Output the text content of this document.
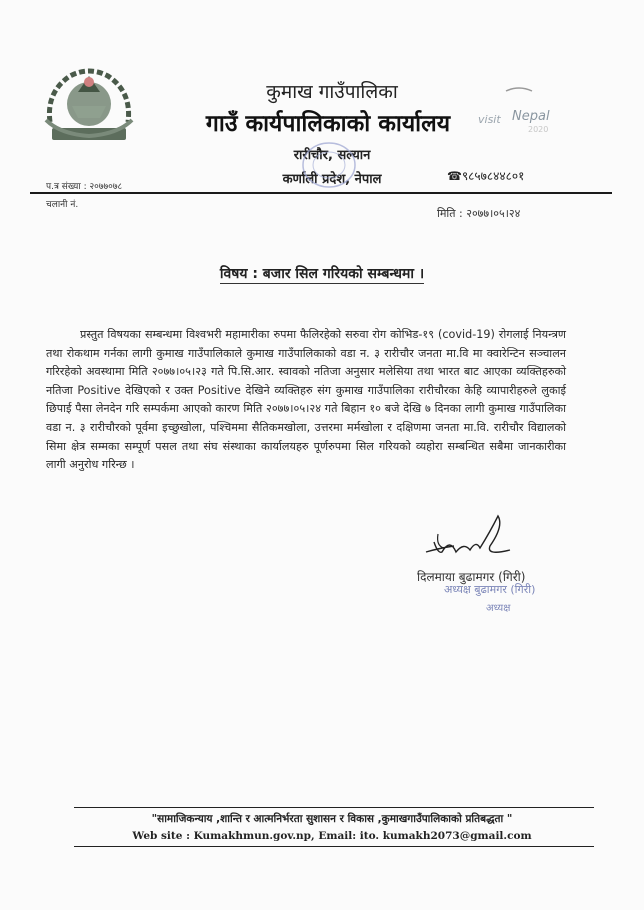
कुमाख गाउँपालिका
गाउँ कार्यपालिकाको कार्यालय
रारीचौर, सल्यान
कर्णाली प्रदेश, नेपाल
visit Nepal
2020
प.त्र संख्या : २०७७०७८
☎९८५७८४४८०१
चलानी नं.
मिति : २०७७।०५।२४
विषय : बजार सिल गरियको सम्बन्धमा ।

प्रस्तुत विषयका सम्बन्धमा विश्वभरी महामारीका रुपमा फैलिरहेको सरुवा रोग कोभिड-१९ (covid-19) रोगलाई नियन्त्रण तथा रोकथाम गर्नका लागी कुमाख गाउँपालिकाले कुमाख गाउँपालिकाको वडा न. ३ रारीचौर जनता मा.वि मा क्वारेन्टिन सञ्चालन गरिरहेको अवस्थामा मिति २०७७।०५।२३ गते पि.सि.आर. स्वावको नतिजा अनुसार मलेसिया तथा भारत बाट आएका व्यक्तिहरुको नतिजा Positive देखिएको र उक्त Positive देखिने व्यक्तिहरु संग कुमाख गाउँपालिका रारीचौरका केहि व्यापारीहरुले लुकाई छिपाई पैसा लेनदेन गरि सम्पर्कमा आएको कारण मिति २०७७।०५।२४ गते बिहान १० बजे देखि ७ दिनका लागी कुमाख गाउँपालिका वडा न. ३ रारीचौरको पूर्वमा इच्छुखोला, पश्चिममा सैतिकमखोला, उत्तरमा मर्मखोला र दक्षिणमा जनता मा.वि. रारीचौर विद्यालको सिमा क्षेत्र सम्मका सम्पूर्ण पसल तथा संघ संस्थाका कार्यालयहरु पूर्णरुपमा सिल गरियको व्यहोरा सम्बन्धित सबैमा जानकारीका लागी अनुरोध गरिन्छ ।

दिलमाया बुढामगर (गिरी)
अध्यक्ष बुढामगर (गिरी)
अध्यक्ष
"सामाजिकन्याय ,शान्ति र आत्मनिर्भरता सुशासन र विकास ,कुमाखगाउँपालिकाको प्रतिबद्धता "
Web site : Kumakhmun.gov.np, Email: ito. kumakh2073@gmail.com
